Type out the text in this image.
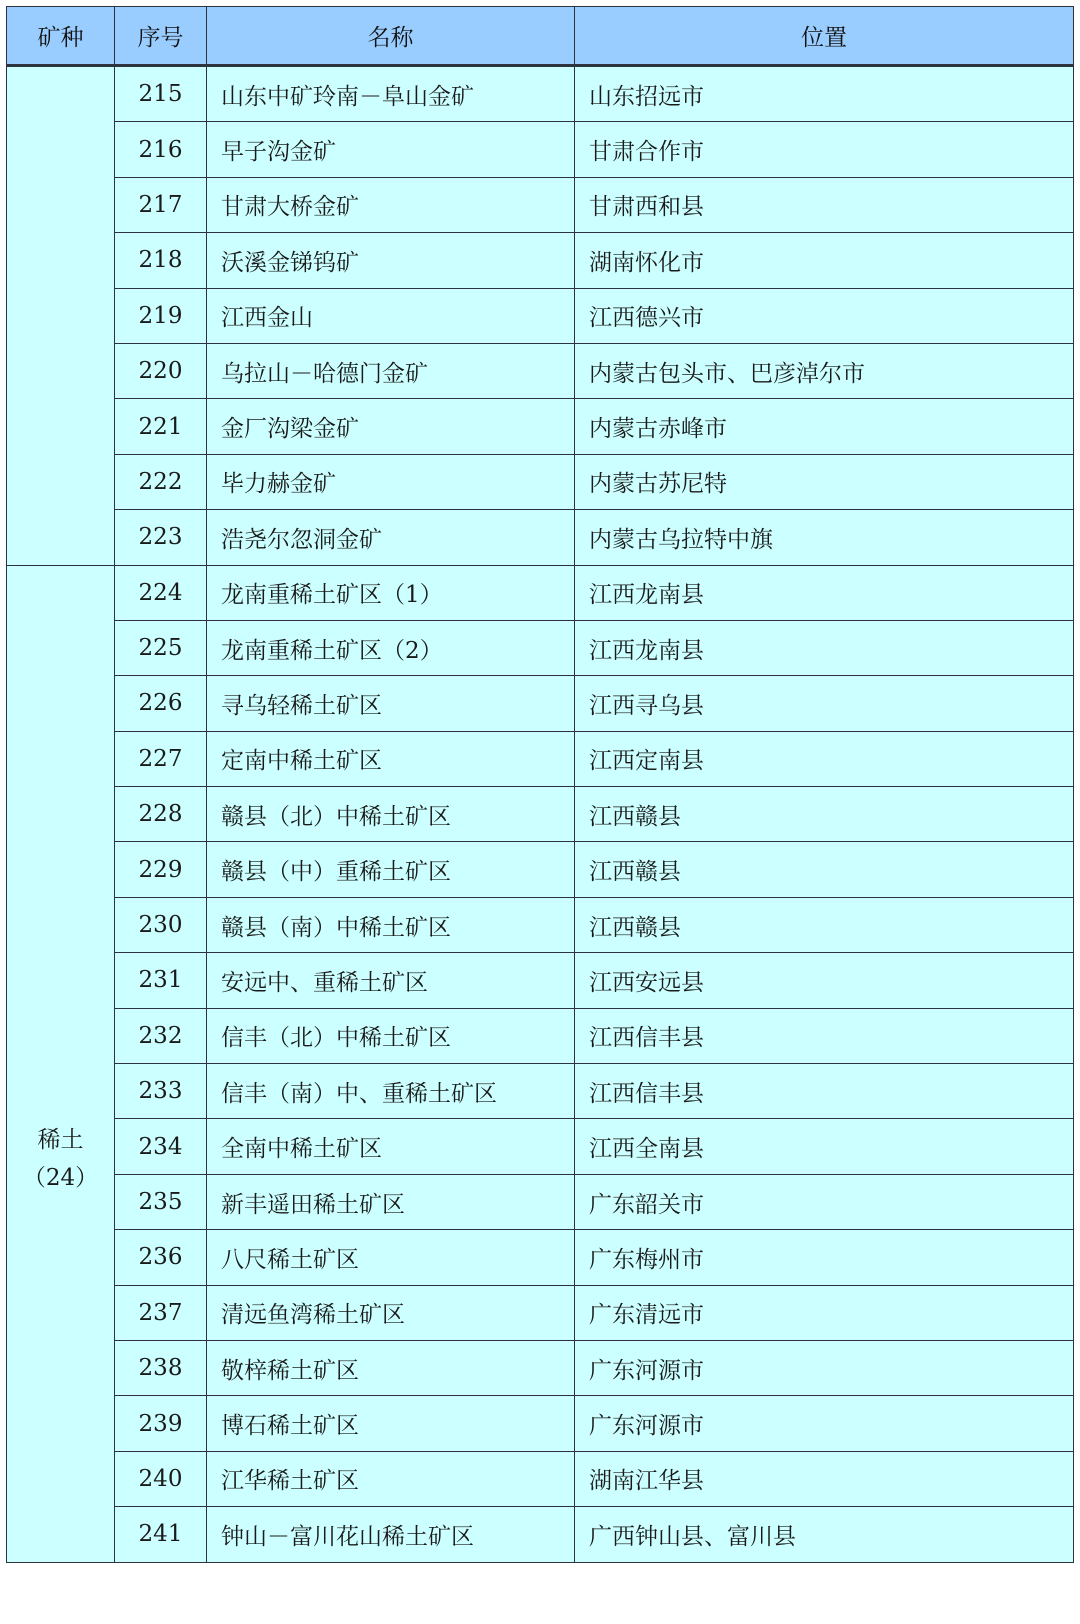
矿种	序号	名称	位置
	215	山东中矿玲南－阜山金矿	山东招远市
	216	早子沟金矿	甘肃合作市
	217	甘肃大桥金矿	甘肃西和县
	218	沃溪金锑钨矿	湖南怀化市
	219	江西金山	江西德兴市
	220	乌拉山－哈德门金矿	内蒙古包头市、巴彦淖尔市
	221	金厂沟梁金矿	内蒙古赤峰市
	222	毕力赫金矿	内蒙古苏尼特
	223	浩尧尔忽洞金矿	内蒙古乌拉特中旗

稀土
（24）	224	龙南重稀土矿区（1）	江西龙南县
	225	龙南重稀土矿区（2）	江西龙南县
	226	寻乌轻稀土矿区	江西寻乌县
	227	定南中稀土矿区	江西定南县
	228	赣县（北）中稀土矿区	江西赣县
	229	赣县（中）重稀土矿区	江西赣县
	230	赣县（南）中稀土矿区	江西赣县
	231	安远中、重稀土矿区	江西安远县
	232	信丰（北）中稀土矿区	江西信丰县
	233	信丰（南）中、重稀土矿区	江西信丰县
	234	全南中稀土矿区	江西全南县
	235	新丰遥田稀土矿区	广东韶关市
	236	八尺稀土矿区	广东梅州市
	237	清远鱼湾稀土矿区	广东清远市
	238	敬梓稀土矿区	广东河源市
	239	博石稀土矿区	广东河源市
	240	江华稀土矿区	湖南江华县
	241	钟山－富川花山稀土矿区	广西钟山县、富川县
